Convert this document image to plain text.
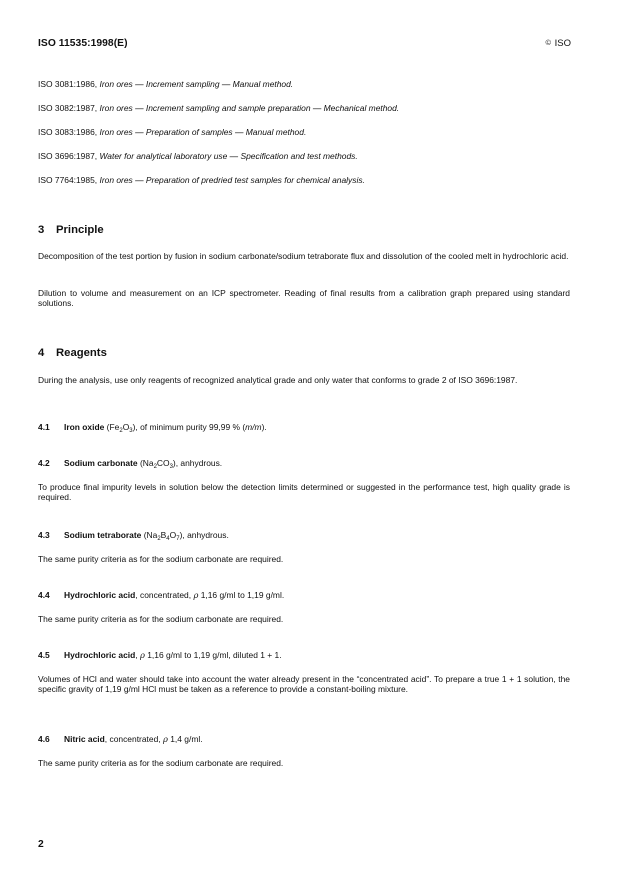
ISO 11535:1998(E)	© ISO
ISO 3081:1986, Iron ores — Increment sampling — Manual method.
ISO 3082:1987, Iron ores — Increment sampling and sample preparation — Mechanical method.
ISO 3083:1986, Iron ores — Preparation of samples — Manual method.
ISO 3696:1987, Water for analytical laboratory use — Specification and test methods.
ISO 7764:1985, Iron ores — Preparation of predried test samples for chemical analysis.
3 Principle
Decomposition of the test portion by fusion in sodium carbonate/sodium tetraborate flux and dissolution of the cooled melt in hydrochloric acid.
Dilution to volume and measurement on an ICP spectrometer. Reading of final results from a calibration graph prepared using standard solutions.
4 Reagents
During the analysis, use only reagents of recognized analytical grade and only water that conforms to grade 2 of ISO 3696:1987.
4.1 Iron oxide $(Fe_2O_3)$, of minimum purity 99,99 % (m/m).
4.2 Sodium carbonate $(Na_2CO_3)$, anhydrous.
To produce final impurity levels in solution below the detection limits determined or suggested in the performance test, high quality grade is required.
4.3 Sodium tetraborate $(Na_2B_4O_7)$, anhydrous.
The same purity criteria as for the sodium carbonate are required.
4.4 Hydrochloric acid, concentrated, ρ 1,16 g/ml to 1,19 g/ml.
The same purity criteria as for the sodium carbonate are required.
4.5 Hydrochloric acid, ρ 1,16 g/ml to 1,19 g/ml, diluted 1 + 1.
Volumes of HCl and water should take into account the water already present in the “concentrated acid”. To prepare a true 1 + 1 solution, the specific gravity of 1,19 g/ml HCl must be taken as a reference to provide a constant-boiling mixture.
4.6 Nitric acid, concentrated, ρ 1,4 g/ml.
The same purity criteria as for the sodium carbonate are required.
2
